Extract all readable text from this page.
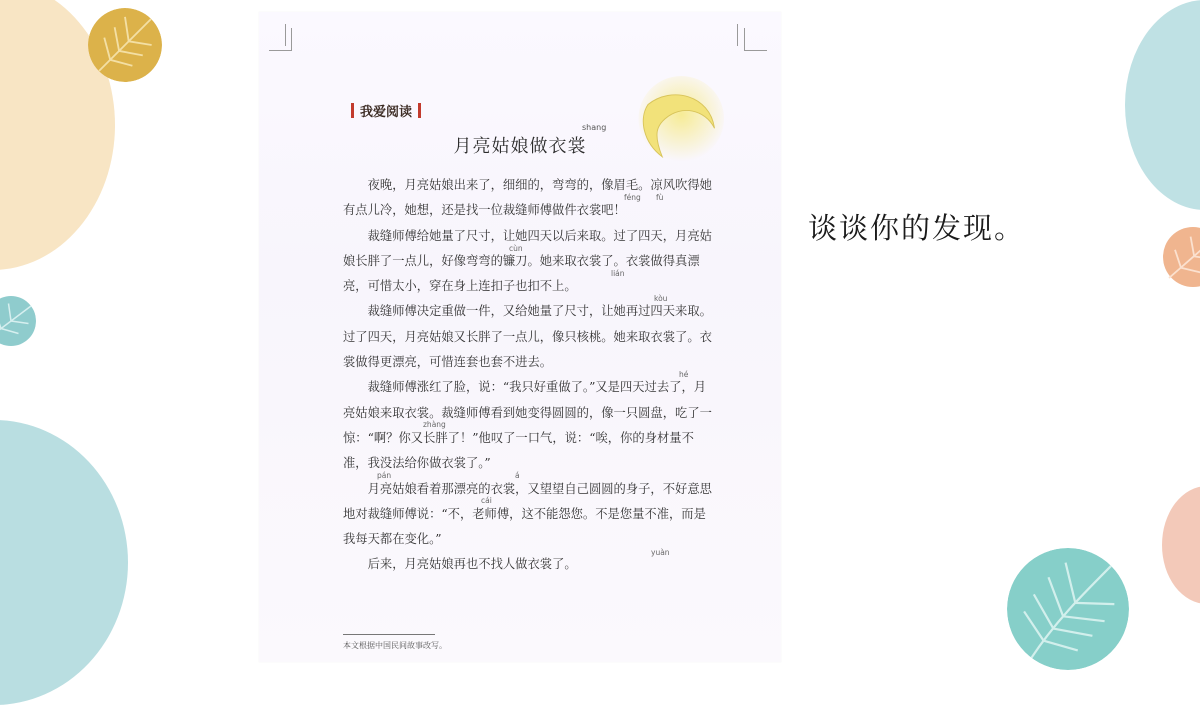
我爱阅读
shang
月亮姑娘做衣裳
féng fù
cùn
lián
kòu
hé
zhàng
á
pán
cái
yuàn

夜晚，月亮姑娘出来了，细细的，弯弯的，像眉毛。凉风吹得她有点儿冷，她想，还是找一位裁缝师傅做件衣裳吧！

裁缝师傅给她量了尺寸，让她四天以后来取。过了四天，月亮姑娘长胖了一点儿，好像弯弯的镰刀。她来取衣裳了。衣裳做得真漂亮，可惜太小，穿在身上连扣子也扣不上。

裁缝师傅决定重做一件，又给她量了尺寸，让她再过四天来取。过了四天，月亮姑娘又长胖了一点儿，像只核桃。她来取衣裳了。衣裳做得更漂亮，可惜连套也套不进去。

裁缝师傅涨红了脸，说：“我只好重做了。”又是四天过去了，月亮姑娘来取衣裳。裁缝师傅看到她变得圆圆的，像一只圆盘，吃了一惊：“啊？你又长胖了！”他叹了一口气，说：“唉，你的身材量不准，我没法给你做衣裳了。”

月亮姑娘看着那漂亮的衣裳，又望望自己圆圆的身子，不好意思地对裁缝师傅说：“不，老师傅，这不能怨您。不是您量不准，而是我每天都在变化。”

后来，月亮姑娘再也不找人做衣裳了。

本文根据中国民间故事改写。
谈谈你的发现。
